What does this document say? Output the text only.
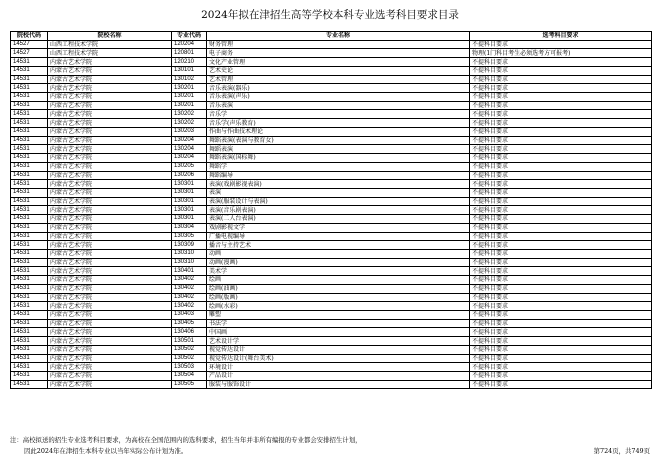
2024年拟在津招生高等学校本科专业选考科目要求目录
院校代码	院校名称	专业代码	专业名称	选考科目要求
14527	山西工程技术学院	120204	财务管理	不提科目要求
14527	山西工程技术学院	120801	电子商务	物理(1门科目考生必须选考方可报考)
14531	内蒙古艺术学院	120210	文化产业管理	不提科目要求
14531	内蒙古艺术学院	130101	艺术史论	不提科目要求
14531	内蒙古艺术学院	130102	艺术管理	不提科目要求
14531	内蒙古艺术学院	130201	音乐表演(器乐)	不提科目要求
14531	内蒙古艺术学院	130201	音乐表演(声乐)	不提科目要求
14531	内蒙古艺术学院	130201	音乐表演	不提科目要求
14531	内蒙古艺术学院	130202	音乐学	不提科目要求
14531	内蒙古艺术学院	130202	音乐学(声乐教育)	不提科目要求
14531	内蒙古艺术学院	130203	作曲与作曲技术理论	不提科目要求
14531	内蒙古艺术学院	130204	舞蹈表演(表演与教育女)	不提科目要求
14531	内蒙古艺术学院	130204	舞蹈表演	不提科目要求
14531	内蒙古艺术学院	130204	舞蹈表演(国标舞)	不提科目要求
14531	内蒙古艺术学院	130205	舞蹈学	不提科目要求
14531	内蒙古艺术学院	130206	舞蹈编导	不提科目要求
14531	内蒙古艺术学院	130301	表演(戏剧影视表演)	不提科目要求
14531	内蒙古艺术学院	130301	表演	不提科目要求
14531	内蒙古艺术学院	130301	表演(服装设计与表演)	不提科目要求
14531	内蒙古艺术学院	130301	表演(音乐剧表演)	不提科目要求
14531	内蒙古艺术学院	130301	表演(二人台表演)	不提科目要求
14531	内蒙古艺术学院	130304	戏剧影视文学	不提科目要求
14531	内蒙古艺术学院	130305	广播电视编导	不提科目要求
14531	内蒙古艺术学院	130309	播音与主持艺术	不提科目要求
14531	内蒙古艺术学院	130310	动画	不提科目要求
14531	内蒙古艺术学院	130310	动画(漫画)	不提科目要求
14531	内蒙古艺术学院	130401	美术学	不提科目要求
14531	内蒙古艺术学院	130402	绘画	不提科目要求
14531	内蒙古艺术学院	130402	绘画(油画)	不提科目要求
14531	内蒙古艺术学院	130402	绘画(版画)	不提科目要求
14531	内蒙古艺术学院	130402	绘画(水彩)	不提科目要求
14531	内蒙古艺术学院	130403	雕塑	不提科目要求
14531	内蒙古艺术学院	130405	书法学	不提科目要求
14531	内蒙古艺术学院	130406	中国画	不提科目要求
14531	内蒙古艺术学院	130501	艺术设计学	不提科目要求
14531	内蒙古艺术学院	130502	视觉传达设计	不提科目要求
14531	内蒙古艺术学院	130502	视觉传达设计(舞台美术)	不提科目要求
14531	内蒙古艺术学院	130503	环境设计	不提科目要求
14531	内蒙古艺术学院	130504	产品设计	不提科目要求
14531	内蒙古艺术学院	130505	服装与服饰设计	不提科目要求
注：高校拟送的招生专业选考科目要求，为高校在全国范围内的选科要求，招生当年并非所有编报的专业都会安排招生计划，
因此2024年在津招生本科专业以当年实际公布计划为准。	第724页，共749页
